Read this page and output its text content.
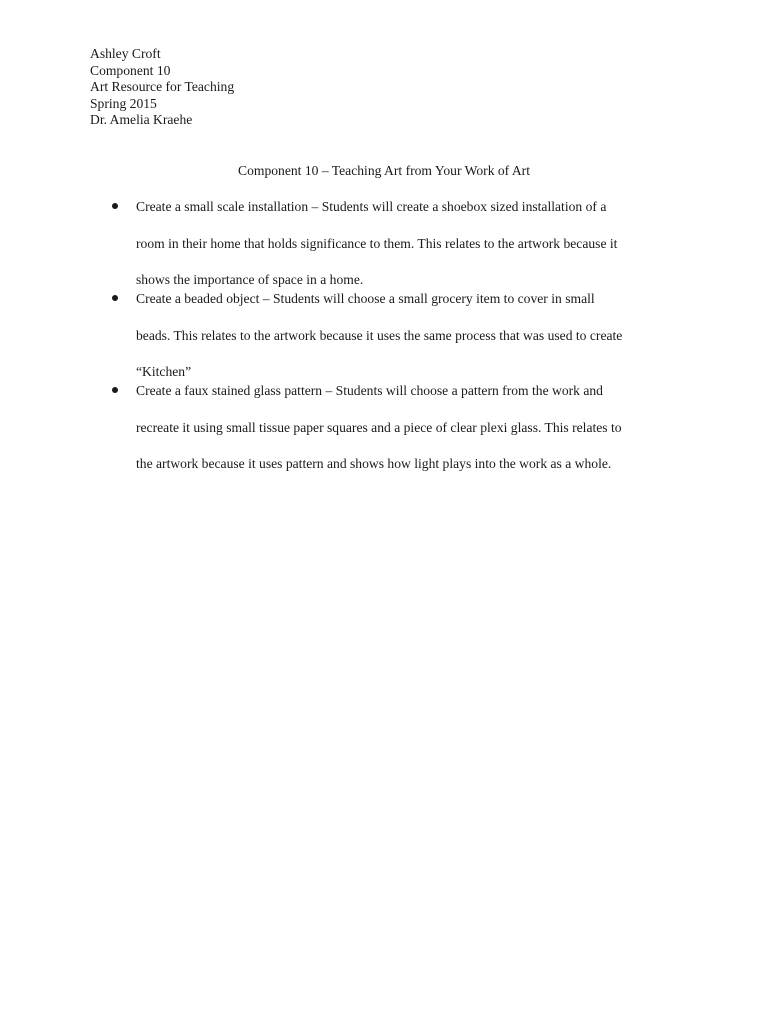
Ashley Croft
Component 10
Art Resource for Teaching
Spring 2015
Dr. Amelia Kraehe
Component 10 – Teaching Art from Your Work of Art
Create a small scale installation – Students will create a shoebox sized installation of a
room in their home that holds significance to them. This relates to the artwork because it
shows the importance of space in a home.
Create a beaded object – Students will choose a small grocery item to cover in small
beads. This relates to the artwork because it uses the same process that was used to create
“Kitchen”
Create a faux stained glass pattern – Students will choose a pattern from the work and
recreate it using small tissue paper squares and a piece of clear plexi glass. This relates to
the artwork because it uses pattern and shows how light plays into the work as a whole.
